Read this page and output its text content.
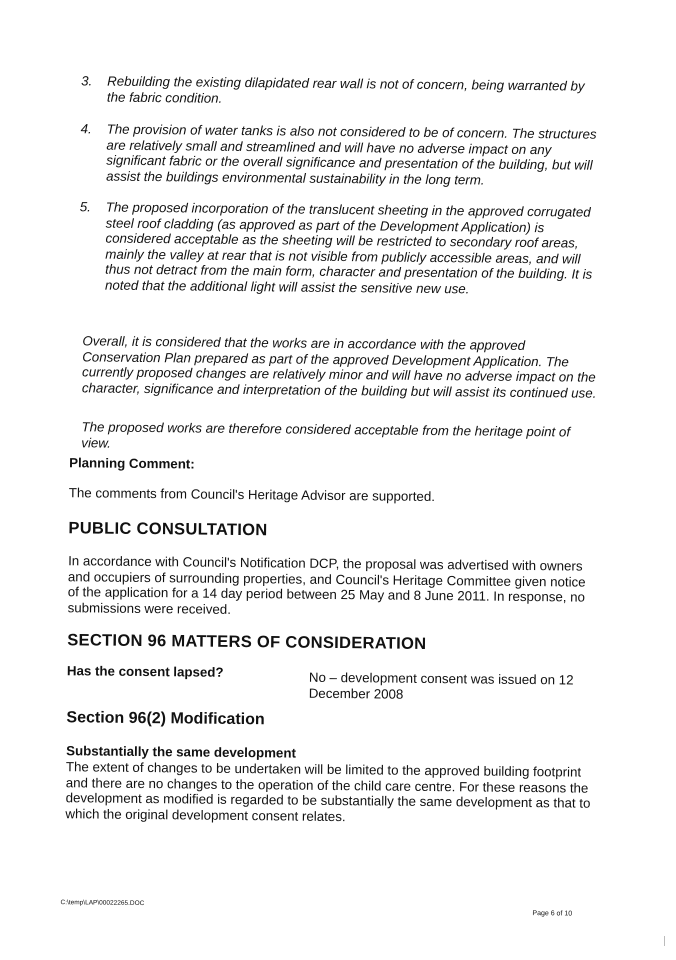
3. Rebuilding the existing dilapidated rear wall is not of concern, being warranted by the fabric condition.
4. The provision of water tanks is also not considered to be of concern. The structures are relatively small and streamlined and will have no adverse impact on any significant fabric or the overall significance and presentation of the building, but will assist the buildings environmental sustainability in the long term.
5. The proposed incorporation of the translucent sheeting in the approved corrugated steel roof cladding (as approved as part of the Development Application) is considered acceptable as the sheeting will be restricted to secondary roof areas, mainly the valley at rear that is not visible from publicly accessible areas, and will thus not detract from the main form, character and presentation of the building. It is noted that the additional light will assist the sensitive new use.
Overall, it is considered that the works are in accordance with the approved Conservation Plan prepared as part of the approved Development Application. The currently proposed changes are relatively minor and will have no adverse impact on the character, significance and interpretation of the building but will assist its continued use.
The proposed works are therefore considered acceptable from the heritage point of view.
Planning Comment:
The comments from Council's Heritage Advisor are supported.
PUBLIC CONSULTATION
In accordance with Council's Notification DCP, the proposal was advertised with owners and occupiers of surrounding properties, and Council's Heritage Committee given notice of the application for a 14 day period between 25 May and 8 June 2011. In response, no submissions were received.
SECTION 96 MATTERS OF CONSIDERATION
Has the consent lapsed?	No – development consent was issued on 12 December 2008
Section 96(2) Modification
Substantially the same development
The extent of changes to be undertaken will be limited to the approved building footprint and there are no changes to the operation of the child care centre. For these reasons the development as modified is regarded to be substantially the same development as that to which the original development consent relates.
C:\temp\LAP\00022265.DOC
Page 6 of 10
